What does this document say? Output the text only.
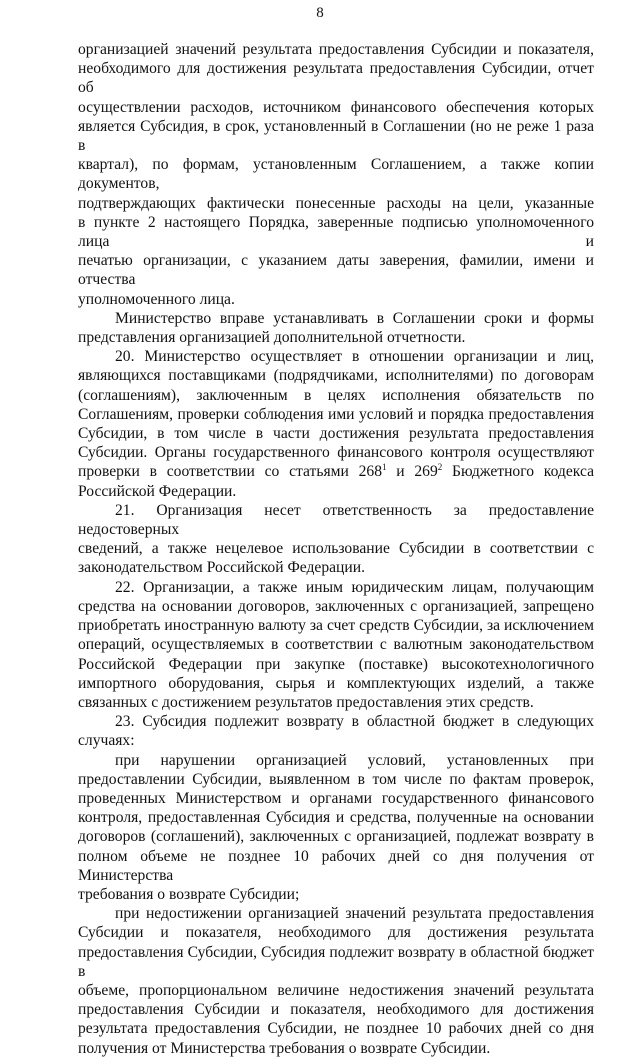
8

организацией значений результата предоставления Субсидии и показателя,
необходимого для достижения результата предоставления Субсидии, отчет об
осуществлении расходов, источником финансового обеспечения которых
является Субсидия, в срок, установленный в Соглашении (но не реже 1 раза в
квартал), по формам, установленным Соглашением, а также копии документов,
подтверждающих фактически понесенные расходы на цели, указанные
в пункте 2 настоящего Порядка, заверенные подписью уполномоченного лица и
печатью организации, с указанием даты заверения, фамилии, имени и отчества
уполномоченного лица.

Министерство вправе устанавливать в Соглашении сроки и формы
представления организацией дополнительной отчетности.

20. Министерство осуществляет в отношении организации и лиц,
являющихся поставщиками (подрядчиками, исполнителями) по договорам
(соглашениям), заключенным в целях исполнения обязательств по
Соглашениям, проверки соблюдения ими условий и порядка предоставления
Субсидии, в том числе в части достижения результата предоставления
Субсидии. Органы государственного финансового контроля осуществляют
проверки в соответствии со статьями $268^1$ и $269^2$ Бюджетного кодекса
Российской Федерации.

21. Организация несет ответственность за предоставление недостоверных
сведений, а также нецелевое использование Субсидии в соответствии с
законодательством Российской Федерации.

22. Организации, а также иным юридическим лицам, получающим
средства на основании договоров, заключенных с организацией, запрещено
приобретать иностранную валюту за счет средств Субсидии, за исключением
операций, осуществляемых в соответствии с валютным законодательством
Российской Федерации при закупке (поставке) высокотехнологичного
импортного оборудования, сырья и комплектующих изделий, а также
связанных с достижением результатов предоставления этих средств.

23. Субсидия подлежит возврату в областной бюджет в следующих
случаях:

при нарушении организацией условий, установленных при
предоставлении Субсидии, выявленном в том числе по фактам проверок,
проведенных Министерством и органами государственного финансового
контроля, предоставленная Субсидия и средства, полученные на основании
договоров (соглашений), заключенных с организацией, подлежат возврату в
полном объеме не позднее 10 рабочих дней со дня получения от Министерства
требования о возврате Субсидии;

при недостижении организацией значений результата предоставления
Субсидии и показателя, необходимого для достижения результата
предоставления Субсидии, Субсидия подлежит возврату в областной бюджет в
объеме, пропорциональном величине недостижения значений результата
предоставления Субсидии и показателя, необходимого для достижения
результата предоставления Субсидии, не позднее 10 рабочих дней со дня
получения от Министерства требования о возврате Субсидии.
